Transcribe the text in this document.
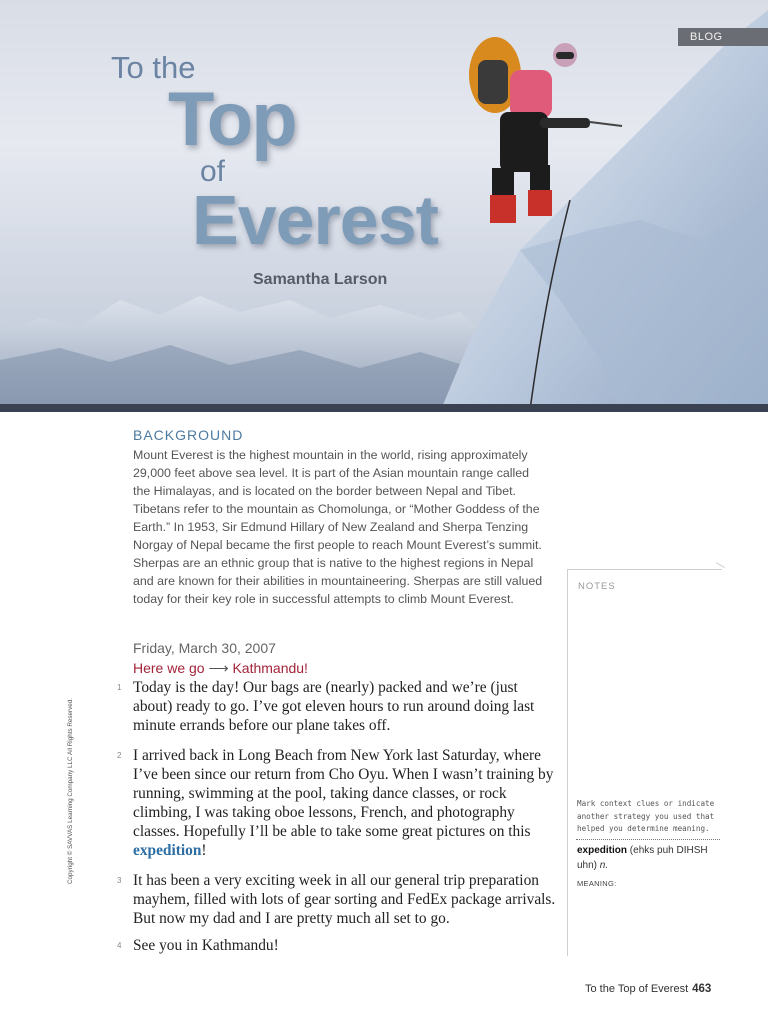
BLOG
To the
Top
of
Everest
Samantha Larson
BACKGROUND
Mount Everest is the highest mountain in the world, rising approximately 29,000 feet above sea level. It is part of the Asian mountain range called the Himalayas, and is located on the border between Nepal and Tibet. Tibetans refer to the mountain as Chomolunga, or “Mother Goddess of the Earth.” In 1953, Sir Edmund Hillary of New Zealand and Sherpa Tenzing Norgay of Nepal became the first people to reach Mount Everest’s summit. Sherpas are an ethnic group that is native to the highest regions in Nepal and are known for their abilities in mountaineering. Sherpas are still valued today for their key role in successful attempts to climb Mount Everest.
Friday, March 30, 2007
Here we go ⟶ Kathmandu!
1 Today is the day! Our bags are (nearly) packed and we’re (just about) ready to go. I’ve got eleven hours to run around doing last minute errands before our plane takes off.
2 I arrived back in Long Beach from New York last Saturday, where I’ve been since our return from Cho Oyu. When I wasn’t training by running, swimming at the pool, taking dance classes, or rock climbing, I was taking oboe lessons, French, and photography classes. Hopefully I’ll be able to take some great pictures on this expedition!
3 It has been a very exciting week in all our general trip preparation mayhem, filled with lots of gear sorting and FedEx package arrivals. But now my dad and I are pretty much all set to go.
4 See you in Kathmandu!
NOTES
Mark context clues or indicate another strategy you used that helped you determine meaning.
expedition (ehks puh DIHSH uhn) n.
MEANING:
Copyright © SAVVAS Learning Company LLC All Rights Reserved.
To the Top of Everest 463
